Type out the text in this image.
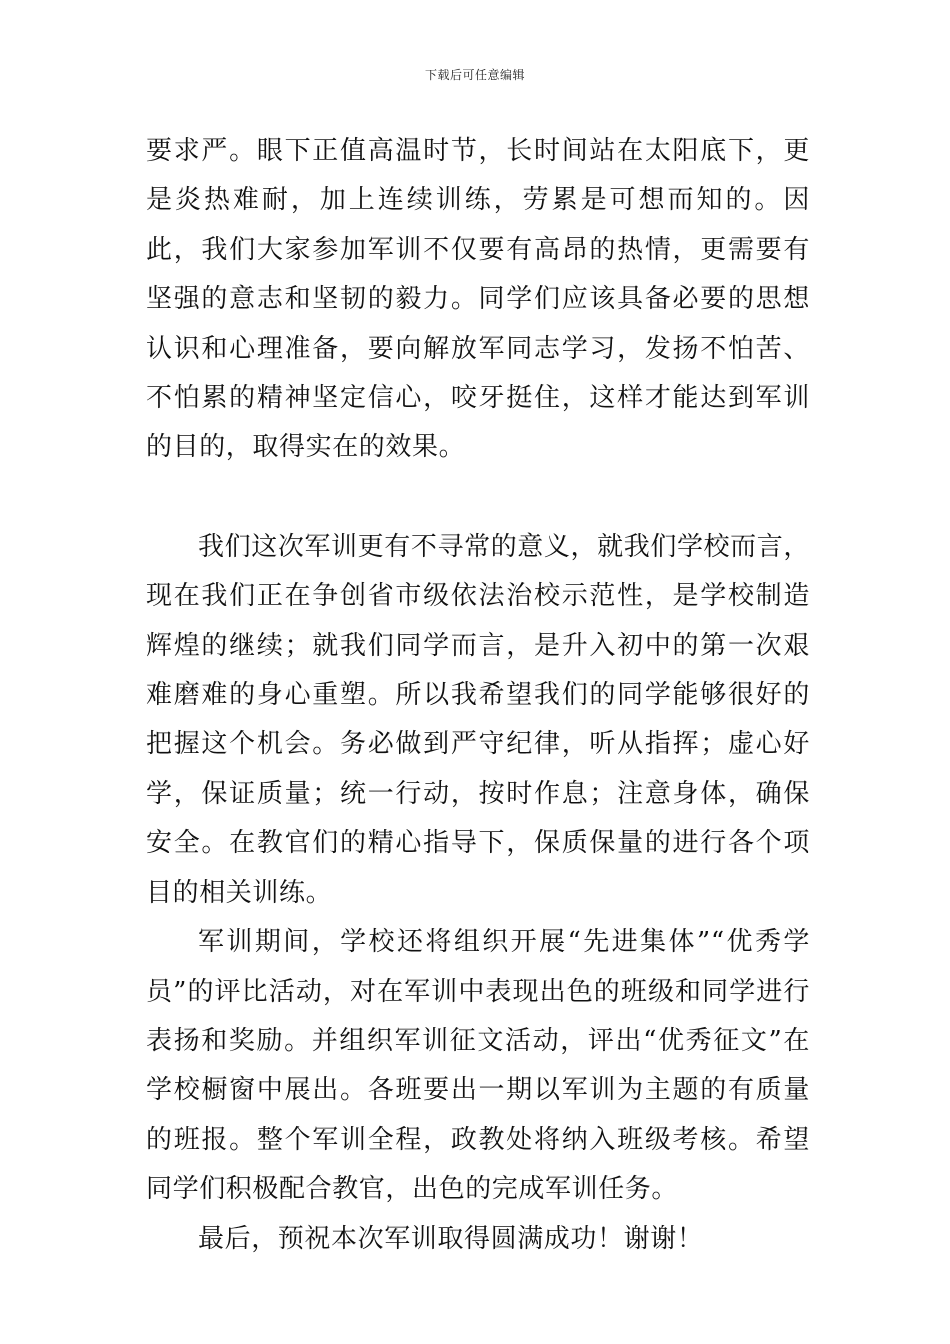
下载后可任意编辑

要求严。眼下正值高温时节，长时间站在太阳底下，更是炎热难耐，加上连续训练，劳累是可想而知的。因此，我们大家参加军训不仅要有高昂的热情，更需要有坚强的意志和坚韧的毅力。同学们应该具备必要的思想认识和心理准备，要向解放军同志学习，发扬不怕苦、不怕累的精神坚定信心，咬牙挺住，这样才能达到军训的目的，取得实在的效果。

我们这次军训更有不寻常的意义，就我们学校而言，现在我们正在争创省市级依法治校示范性，是学校制造辉煌的继续；就我们同学而言，是升入初中的第一次艰难磨难的身心重塑。所以我希望我们的同学能够很好的把握这个机会。务必做到严守纪律，听从指挥；虚心好学，保证质量；统一行动，按时作息；注意身体，确保安全。在教官们的精心指导下，保质保量的进行各个项目的相关训练。

军训期间，学校还将组织开展“先进集体”“优秀学员”的评比活动，对在军训中表现出色的班级和同学进行表扬和奖励。并组织军训征文活动，评出“优秀征文”在学校橱窗中展出。各班要出一期以军训为主题的有质量的班报。整个军训全程，政教处将纳入班级考核。希望同学们积极配合教官，出色的完成军训任务。

最后，预祝本次军训取得圆满成功！谢谢！
